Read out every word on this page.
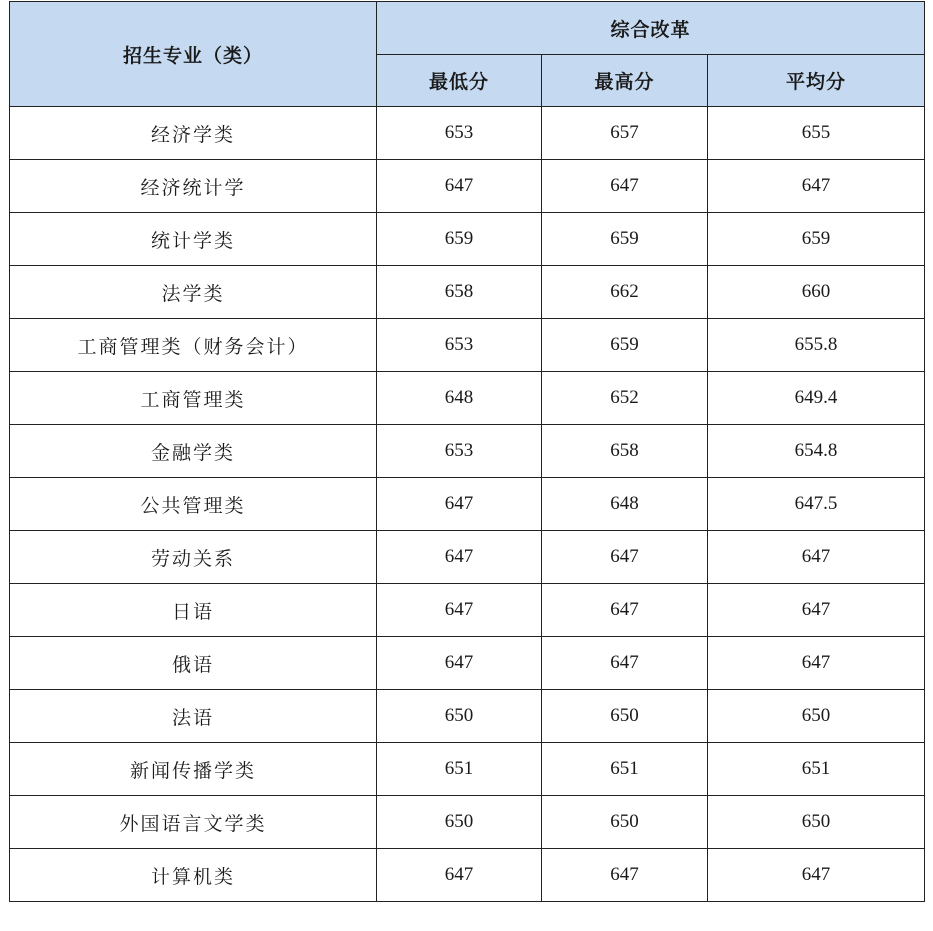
招生专业（类）	综合改革		
	最低分	最高分	平均分
经济学类	653	657	655
经济统计学	647	647	647
统计学类	659	659	659
法学类	658	662	660
工商管理类（财务会计）	653	659	655.8
工商管理类	648	652	649.4
金融学类	653	658	654.8
公共管理类	647	648	647.5
劳动关系	647	647	647
日语	647	647	647
俄语	647	647	647
法语	650	650	650
新闻传播学类	651	651	651
外国语言文学类	650	650	650
计算机类	647	647	647
